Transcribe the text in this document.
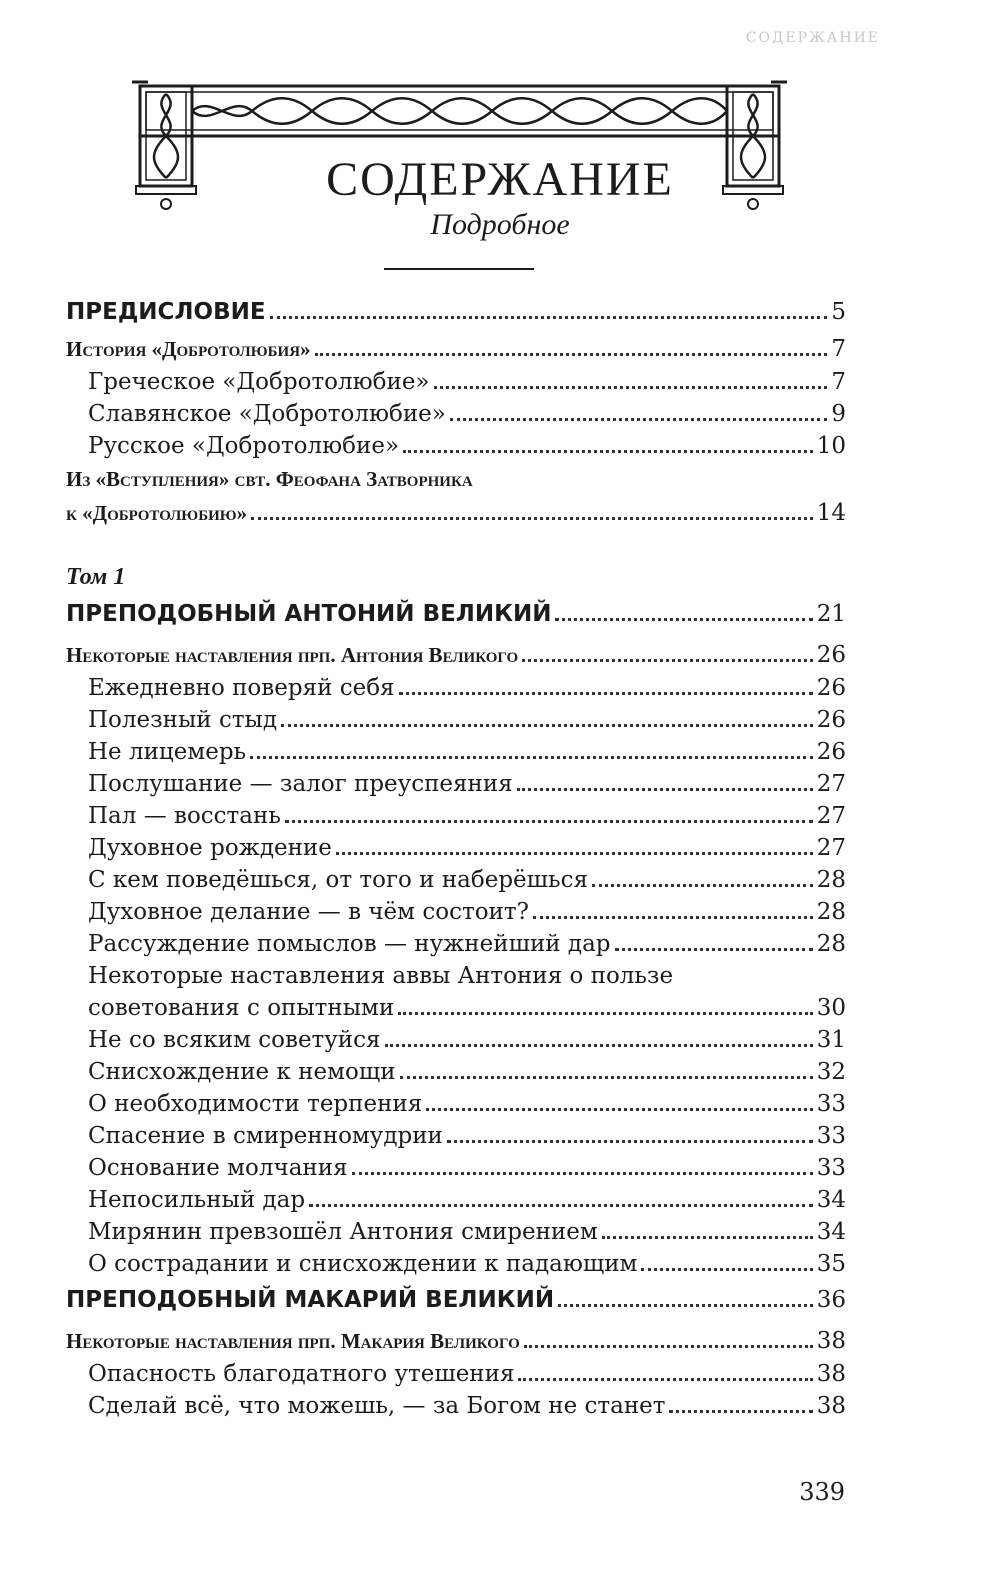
СОДЕРЖАНИЕ
СОДЕРЖАНИЕ
Подробное
ПРЕДИСЛОВИЕ	5
История «Добротолюбия»	7
Греческое «Добротолюбие»	7
Славянское «Добротолюбие»	9
Русское «Добротолюбие»	10
Из «Вступления» свт. Феофана Затворника
к «Добротолюбию»	14
Том 1
ПРЕПОДОБНЫЙ АНТОНИЙ ВЕЛИКИЙ	21
Некоторые наставления прп. Антония Великого	26
Ежедневно поверяй себя	26
Полезный стыд	26
Не лицемерь	26
Послушание — залог преуспеяния	27
Пал — восстань	27
Духовное рождение	27
С кем поведёшься, от того и наберёшься	28
Духовное делание — в чём состоит?	28
Рассуждение помыслов — нужнейший дар	28
Некоторые наставления аввы Антония о пользе
советования с опытными	30
Не со всяким советуйся	31
Снисхождение к немощи	32
О необходимости терпения	33
Спасение в смиренномудрии	33
Основание молчания	33
Непосильный дар	34
Мирянин превзошёл Антония смирением	34
О сострадании и снисхождении к падающим	35
ПРЕПОДОБНЫЙ МАКАРИЙ ВЕЛИКИЙ	36
Некоторые наставления прп. Макария Великого	38
Опасность благодатного утешения	38
Сделай всё, что можешь, — за Богом не станет	38
339
